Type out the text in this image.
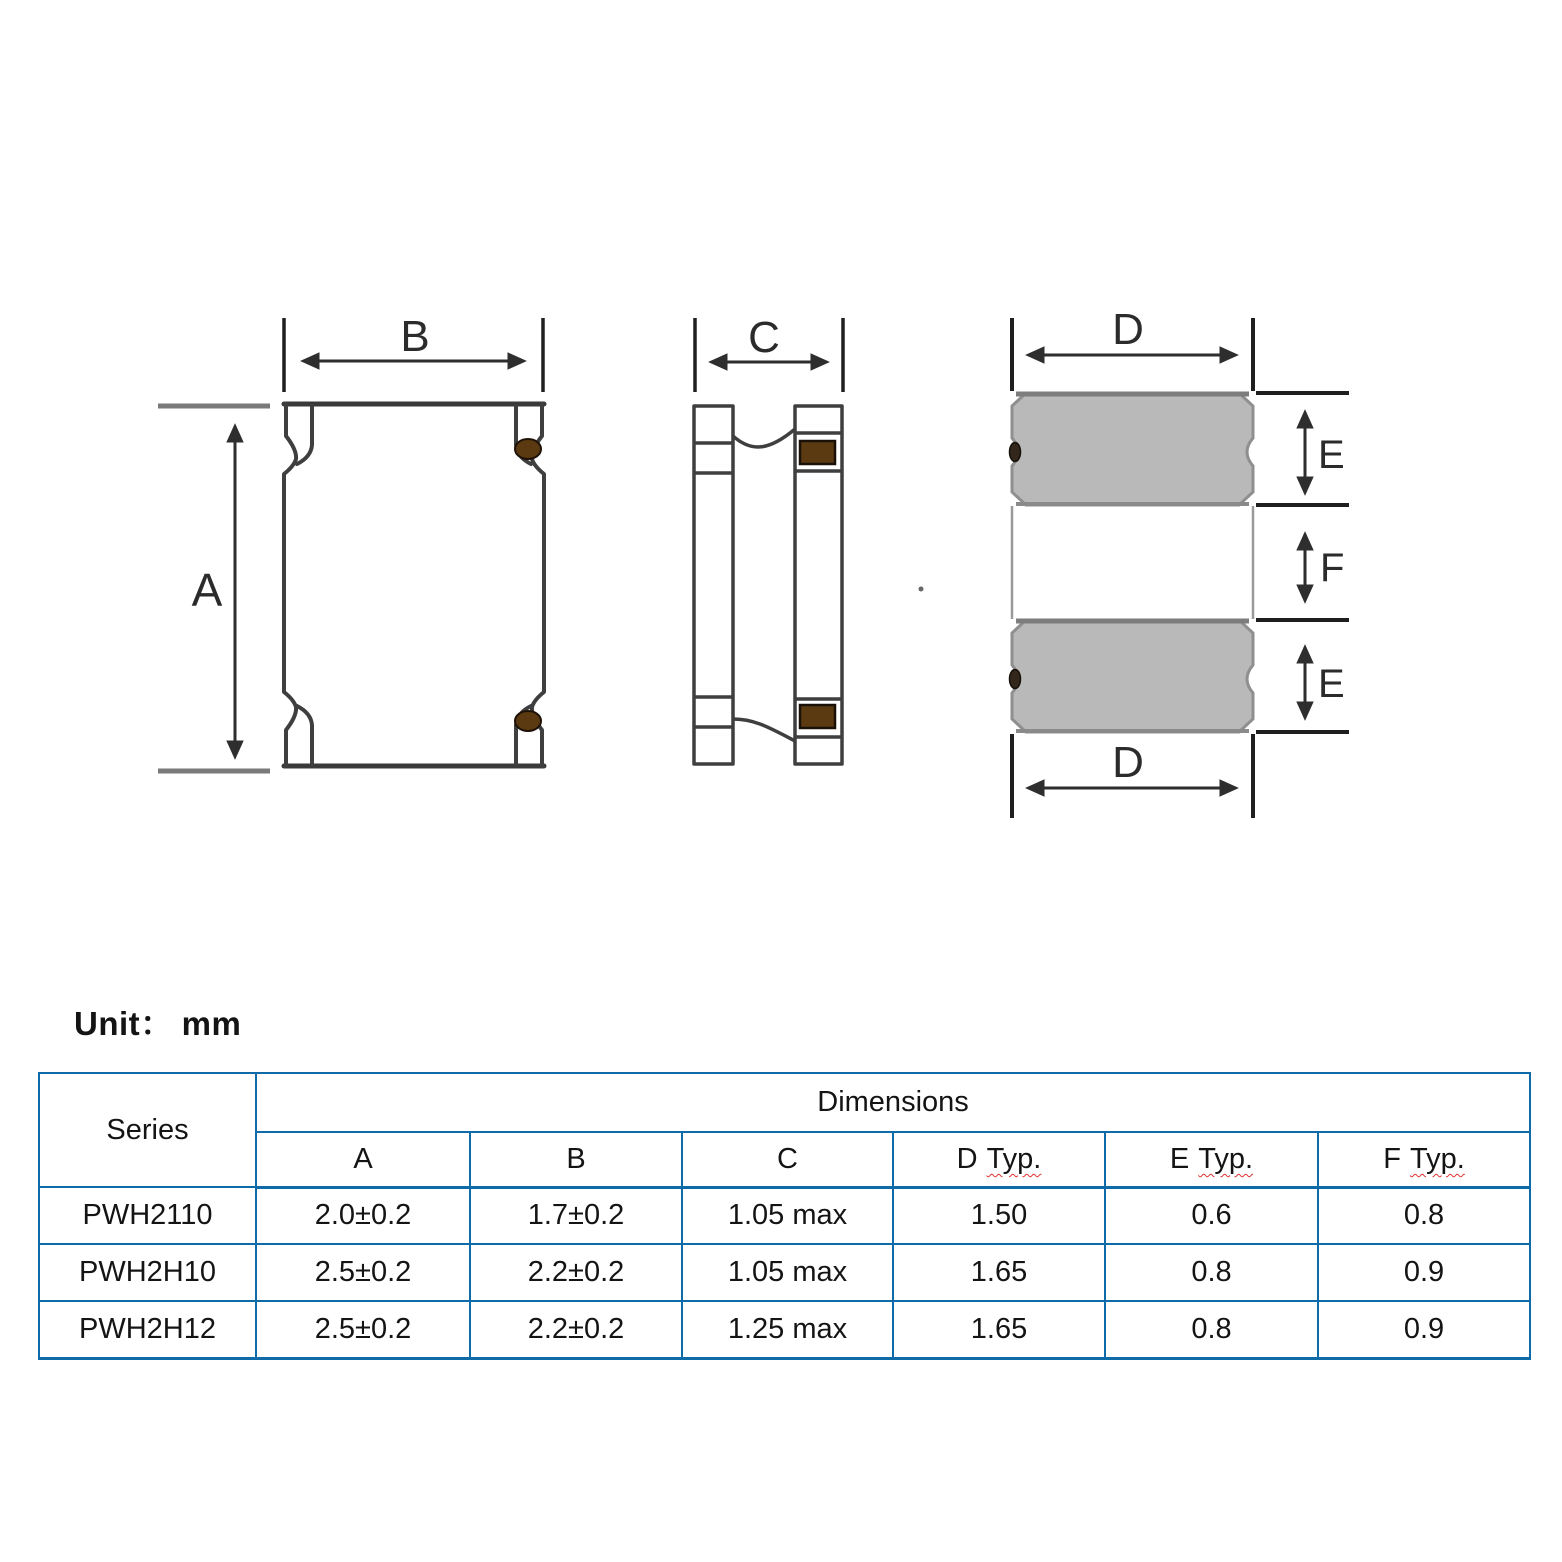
B
A
C	D
E
F
E
D
Unit： mm
Series	Dimensions					
	A	B	C	D Typ.	E Typ.	F Typ.
PWH2110	2.0±0.2	1.7±0.2	1.05 max	1.50	0.6	0.8
PWH2H10	2.5±0.2	2.2±0.2	1.05 max	1.65	0.8	0.9
PWH2H12	2.5±0.2	2.2±0.2	1.25 max	1.65	0.8	0.9
